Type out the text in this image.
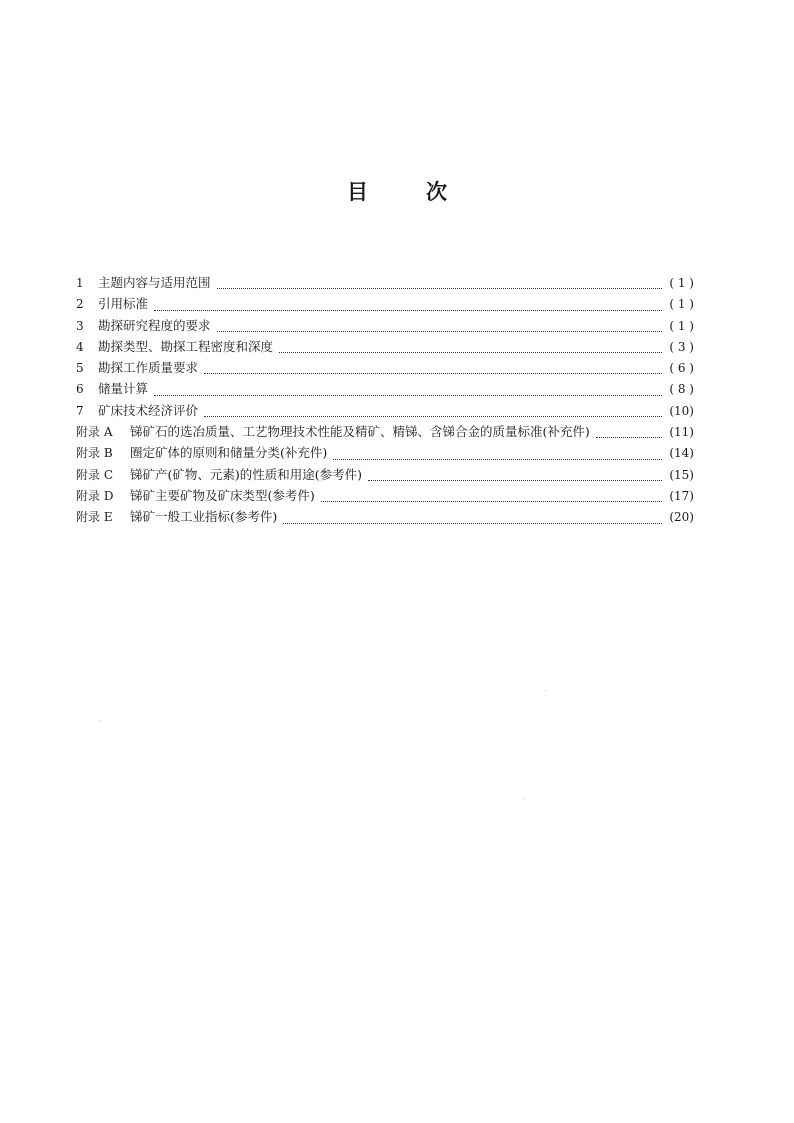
目	次
1	主题内容与适用范围	( 1 )
2	引用标准	( 1 )
3	勘探研究程度的要求	( 1 )
4	勘探类型、勘探工程密度和深度	( 3 )
5	勘探工作质量要求	( 6 )
6	储量计算	( 8 )
7	矿床技术经济评价	(10)
附录 A	锑矿石的选冶质量、工艺物理技术性能及精矿、精锑、含锑合金的质量标准(补充件)	(11)
附录 B	圈定矿体的原则和储量分类(补充件)	(14)
附录 C	锑矿产(矿物、元素)的性质和用途(参考件)	(15)
附录 D	锑矿主要矿物及矿床类型(参考件)	(17)
附录 E	锑矿一般工业指标(参考件)	(20)
